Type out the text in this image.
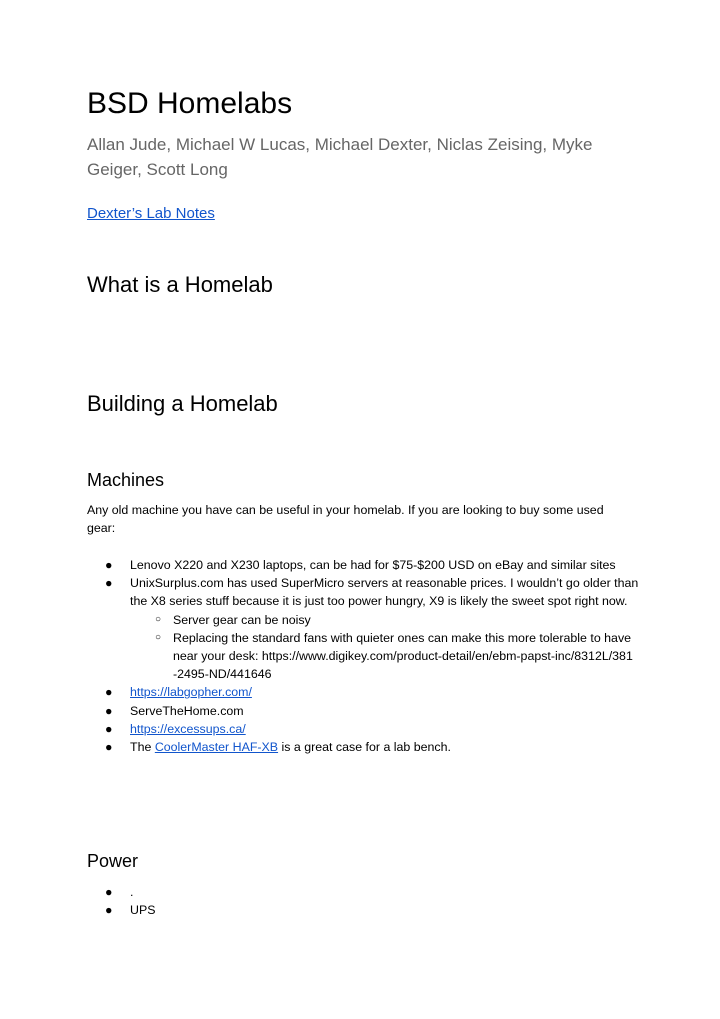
BSD Homelabs
Allan Jude, Michael W Lucas, Michael Dexter, Niclas Zeising, Myke Geiger, Scott Long
Dexter’s Lab Notes
What is a Homelab
Building a Homelab
Machines
Any old machine you have can be useful in your homelab. If you are looking to buy some used gear:
● Lenovo X220 and X230 laptops, can be had for $75-$200 USD on eBay and similar sites
● UnixSurplus.com has used SuperMicro servers at reasonable prices. I wouldn’t go older than the X8 series stuff because it is just too power hungry, X9 is likely the sweet spot right now.
○ Server gear can be noisy
○ Replacing the standard fans with quieter ones can make this more tolerable to have near your desk: https://www.digikey.com/product-detail/en/ebm-papst-inc/8312L/381-2495-ND/441646
● https://labgopher.com/
● ServeTheHome.com
● https://excessups.ca/
● The CoolerMaster HAF-XB is a great case for a lab bench.
Power
● .
● UPS
